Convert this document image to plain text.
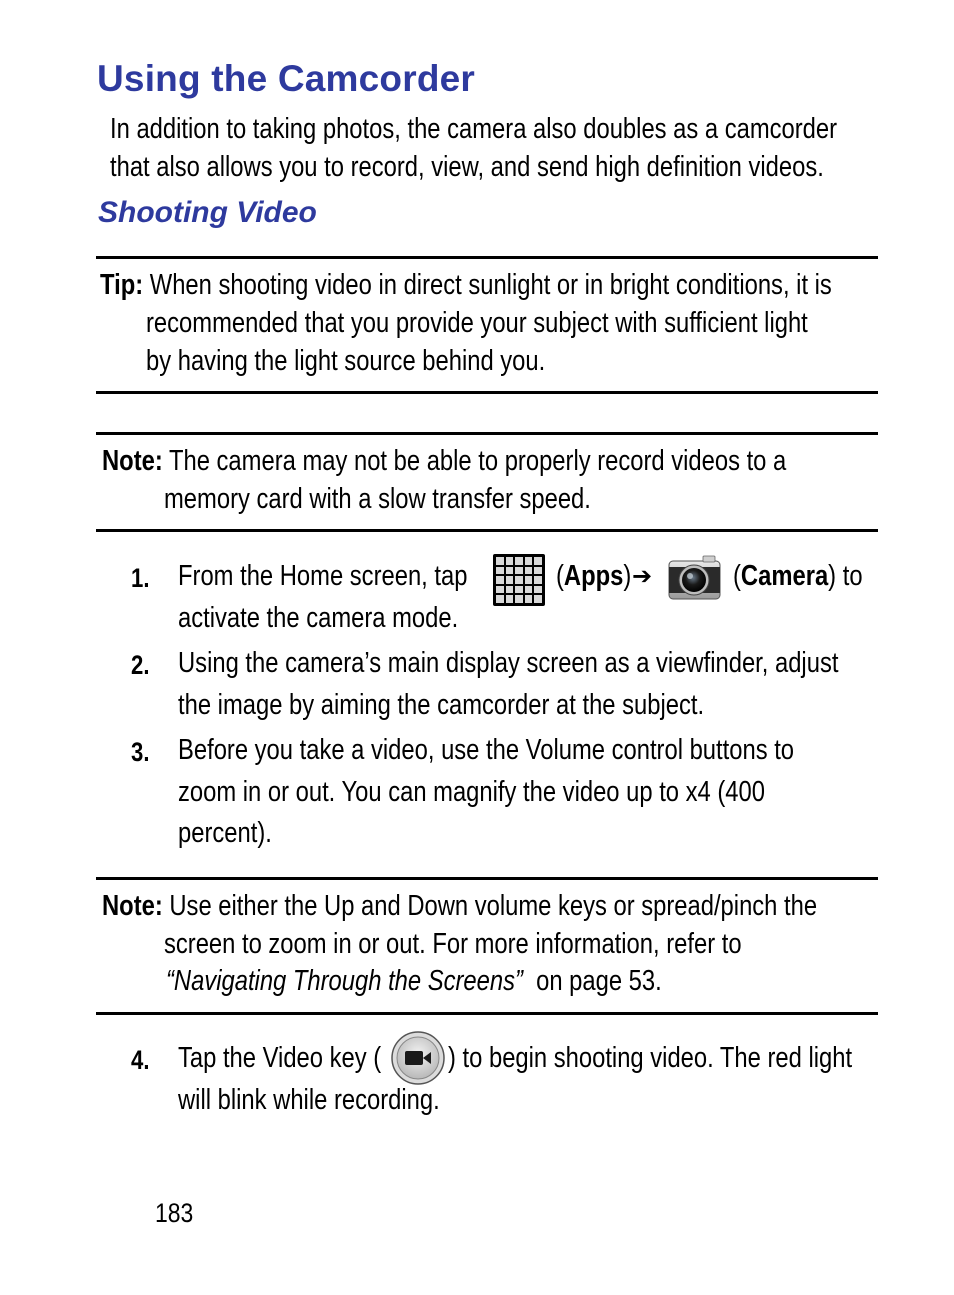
Using the Camcorder
In addition to taking photos, the camera also doubles as a camcorder
that also allows you to record, view, and send high definition videos.
Shooting Video
Tip: When shooting video in direct sunlight or in bright conditions, it is
recommended that you provide your subject with sufficient light
by having the light source behind you.
Note: The camera may not be able to properly record videos to a
memory card with a slow transfer speed.
1. From the Home screen, tap	(Apps) ➔	(Camera) to
activate the camera mode.
2. Using the camera’s main display screen as a viewfinder, adjust
the image by aiming the camcorder at the subject.
3. Before you take a video, use the Volume control buttons to
zoom in or out. You can magnify the video up to x4 (400
percent).
Note: Use either the Up and Down volume keys or spread/pinch the
screen to zoom in or out. For more information, refer to
“Navigating Through the Screens” on page 53.
4. Tap the Video key (	) to begin shooting video. The red light
will blink while recording.
183
